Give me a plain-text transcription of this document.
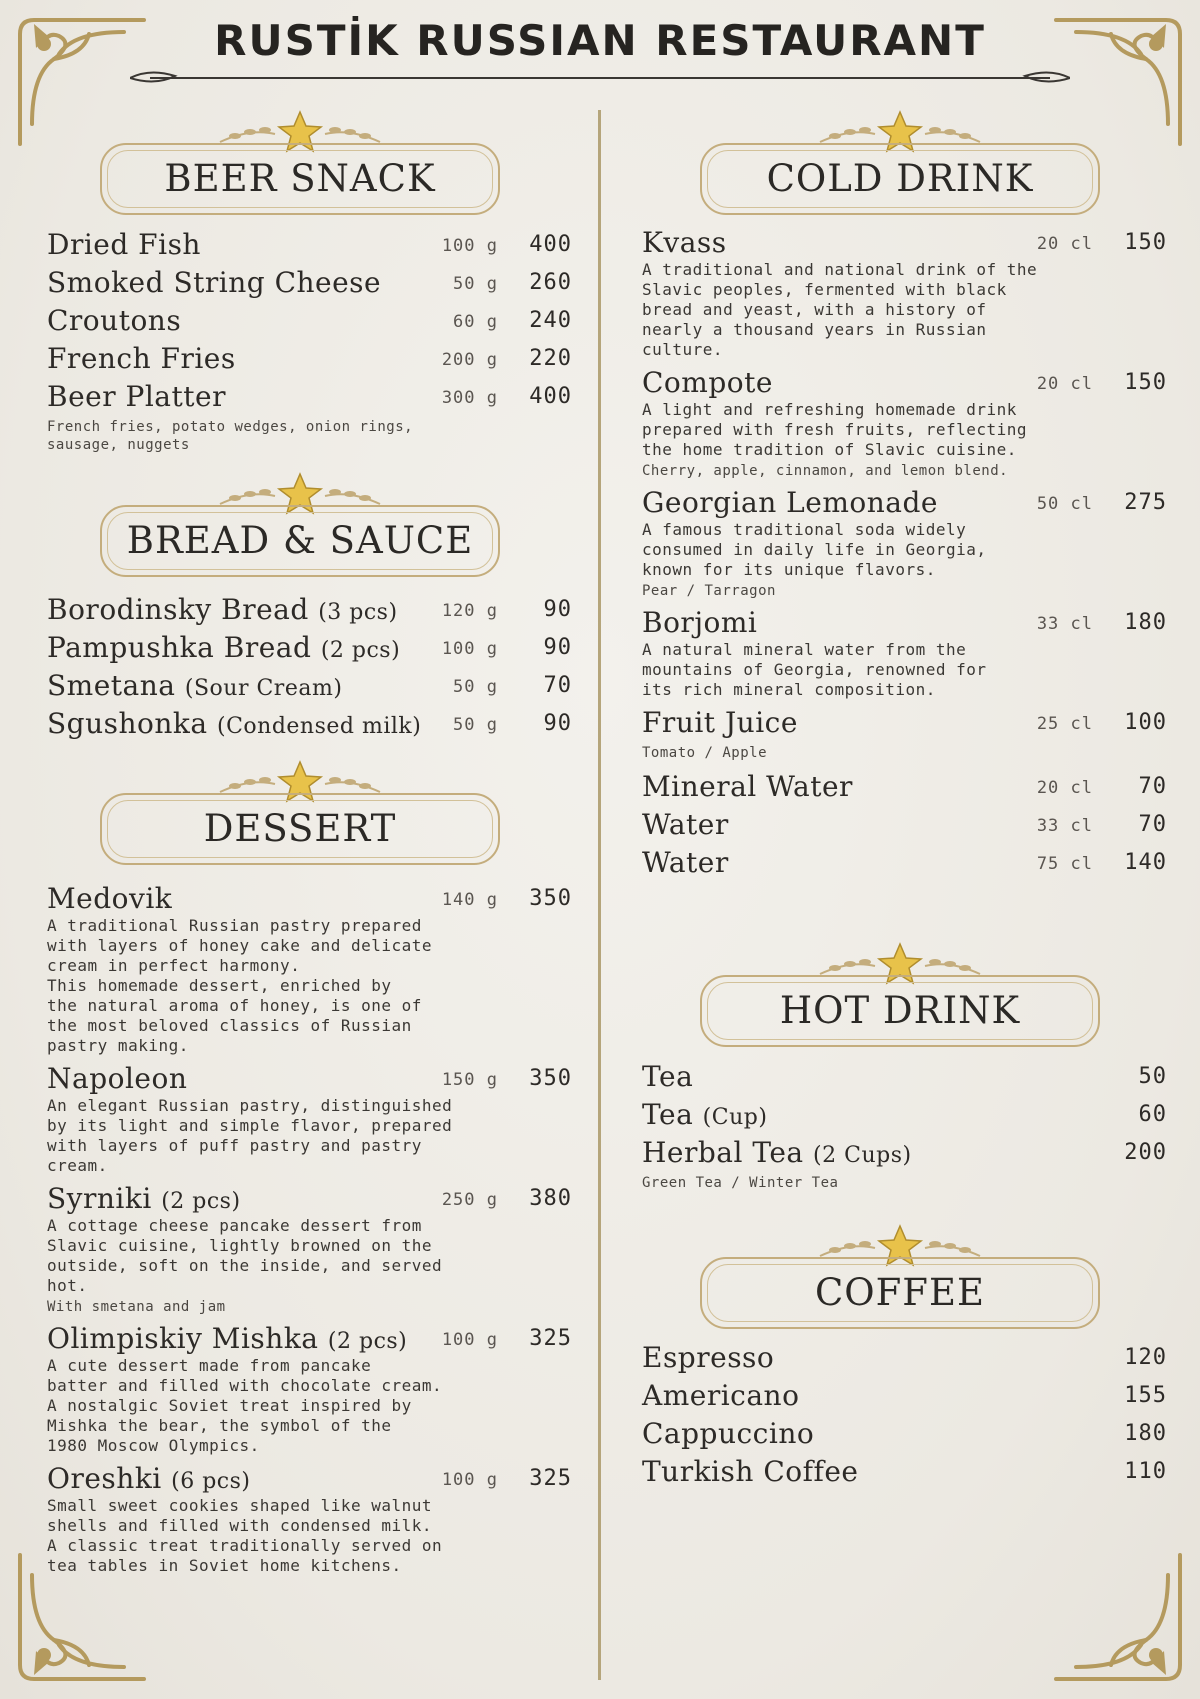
RUSTİK RUSSIAN RESTAURANT
BEER SNACK
Dried Fish	100 g 400
Smoked String Cheese	50 g 260
Croutons	60 g 240
French Fries	200 g 220
Beer Platter	300 g 400
French fries, potato wedges, onion rings,
sausage, nuggets
BREAD & SAUCE
Borodinsky Bread (3 pcs)	120 g 90
Pampushka Bread (2 pcs) 100 g 90
Smetana (Sour Cream)	50 g 70
Sgushonka (Condensed milk) 50 g 90
DESSERT
Medovik	140 g 350
A traditional Russian pastry prepared
with layers of honey cake and delicate
cream in perfect harmony.
This homemade dessert, enriched by
the natural aroma of honey, is one of
the most beloved classics of Russian
pastry making.
Napoleon	150 g 350
An elegant Russian pastry, distinguished
by its light and simple flavor, prepared
with layers of puff pastry and pastry
cream.
Syrniki (2 pcs)	250 g 380
A cottage cheese pancake dessert from
Slavic cuisine, lightly browned on the
outside, soft on the inside, and served
hot.
With smetana and jam
Olimpiskiy Mishka (2 pcs) 100 g 325
A cute dessert made from pancake
batter and filled with chocolate cream.
A nostalgic Soviet treat inspired by
Mishka the bear, the symbol of the
1980 Moscow Olympics.
Oreshki (6 pcs)	100 g 325
Small sweet cookies shaped like walnut
shells and filled with condensed milk.
A classic treat traditionally served on
tea tables in Soviet home kitchens.
COLD DRINK
Kvass	20 cl 150
A traditional and national drink of the
Slavic peoples, fermented with black
bread and yeast, with a history of
nearly a thousand years in Russian
culture.
Compote	20 cl 150
A light and refreshing homemade drink
prepared with fresh fruits, reflecting
the home tradition of Slavic cuisine.
Cherry, apple, cinnamon, and lemon blend.
Georgian Lemonade	50 cl 275
A famous traditional soda widely
consumed in daily life in Georgia,
known for its unique flavors.
Pear / Tarragon
Borjomi	33 cl 180
A natural mineral water from the
mountains of Georgia, renowned for
its rich mineral composition.
Fruit Juice	25 cl 100
Tomato / Apple
Mineral Water	20 cl 70
Water	33 cl 70
Water	75 cl 140
HOT DRINK
Tea	50
Tea (Cup)	60
Herbal Tea (2 Cups)	200
Green Tea / Winter Tea
COFFEE
Espresso	120
Americano	155
Cappuccino	180
Turkish Coffee	110
